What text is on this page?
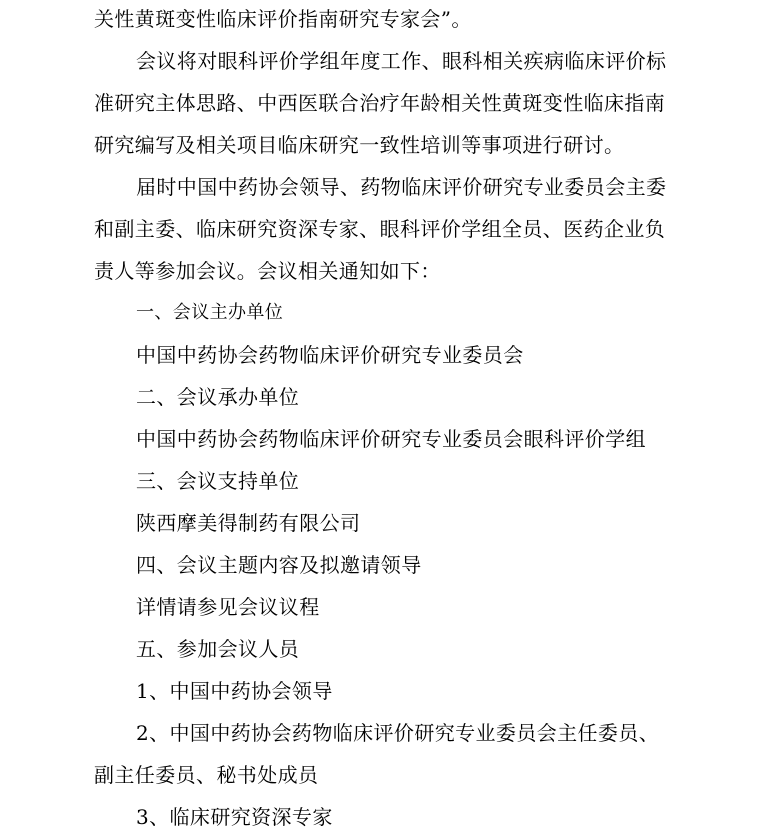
关性黄斑变性临床评价指南研究专家会”。
会议将对眼科评价学组年度工作、眼科相关疾病临床评价标
准研究主体思路、中西医联合治疗年龄相关性黄斑变性临床指南
研究编写及相关项目临床研究一致性培训等事项进行研讨。
届时中国中药协会领导、药物临床评价研究专业委员会主委
和副主委、临床研究资深专家、眼科评价学组全员、医药企业负
责人等参加会议。会议相关通知如下：
一、会议主办单位
中国中药协会药物临床评价研究专业委员会
二、会议承办单位
中国中药协会药物临床评价研究专业委员会眼科评价学组
三、会议支持单位
陕西摩美得制药有限公司
四、会议主题内容及拟邀请领导
详情请参见会议议程
五、参加会议人员
1、中国中药协会领导
2、中国中药协会药物临床评价研究专业委员会主任委员、
副主任委员、秘书处成员
3、临床研究资深专家
